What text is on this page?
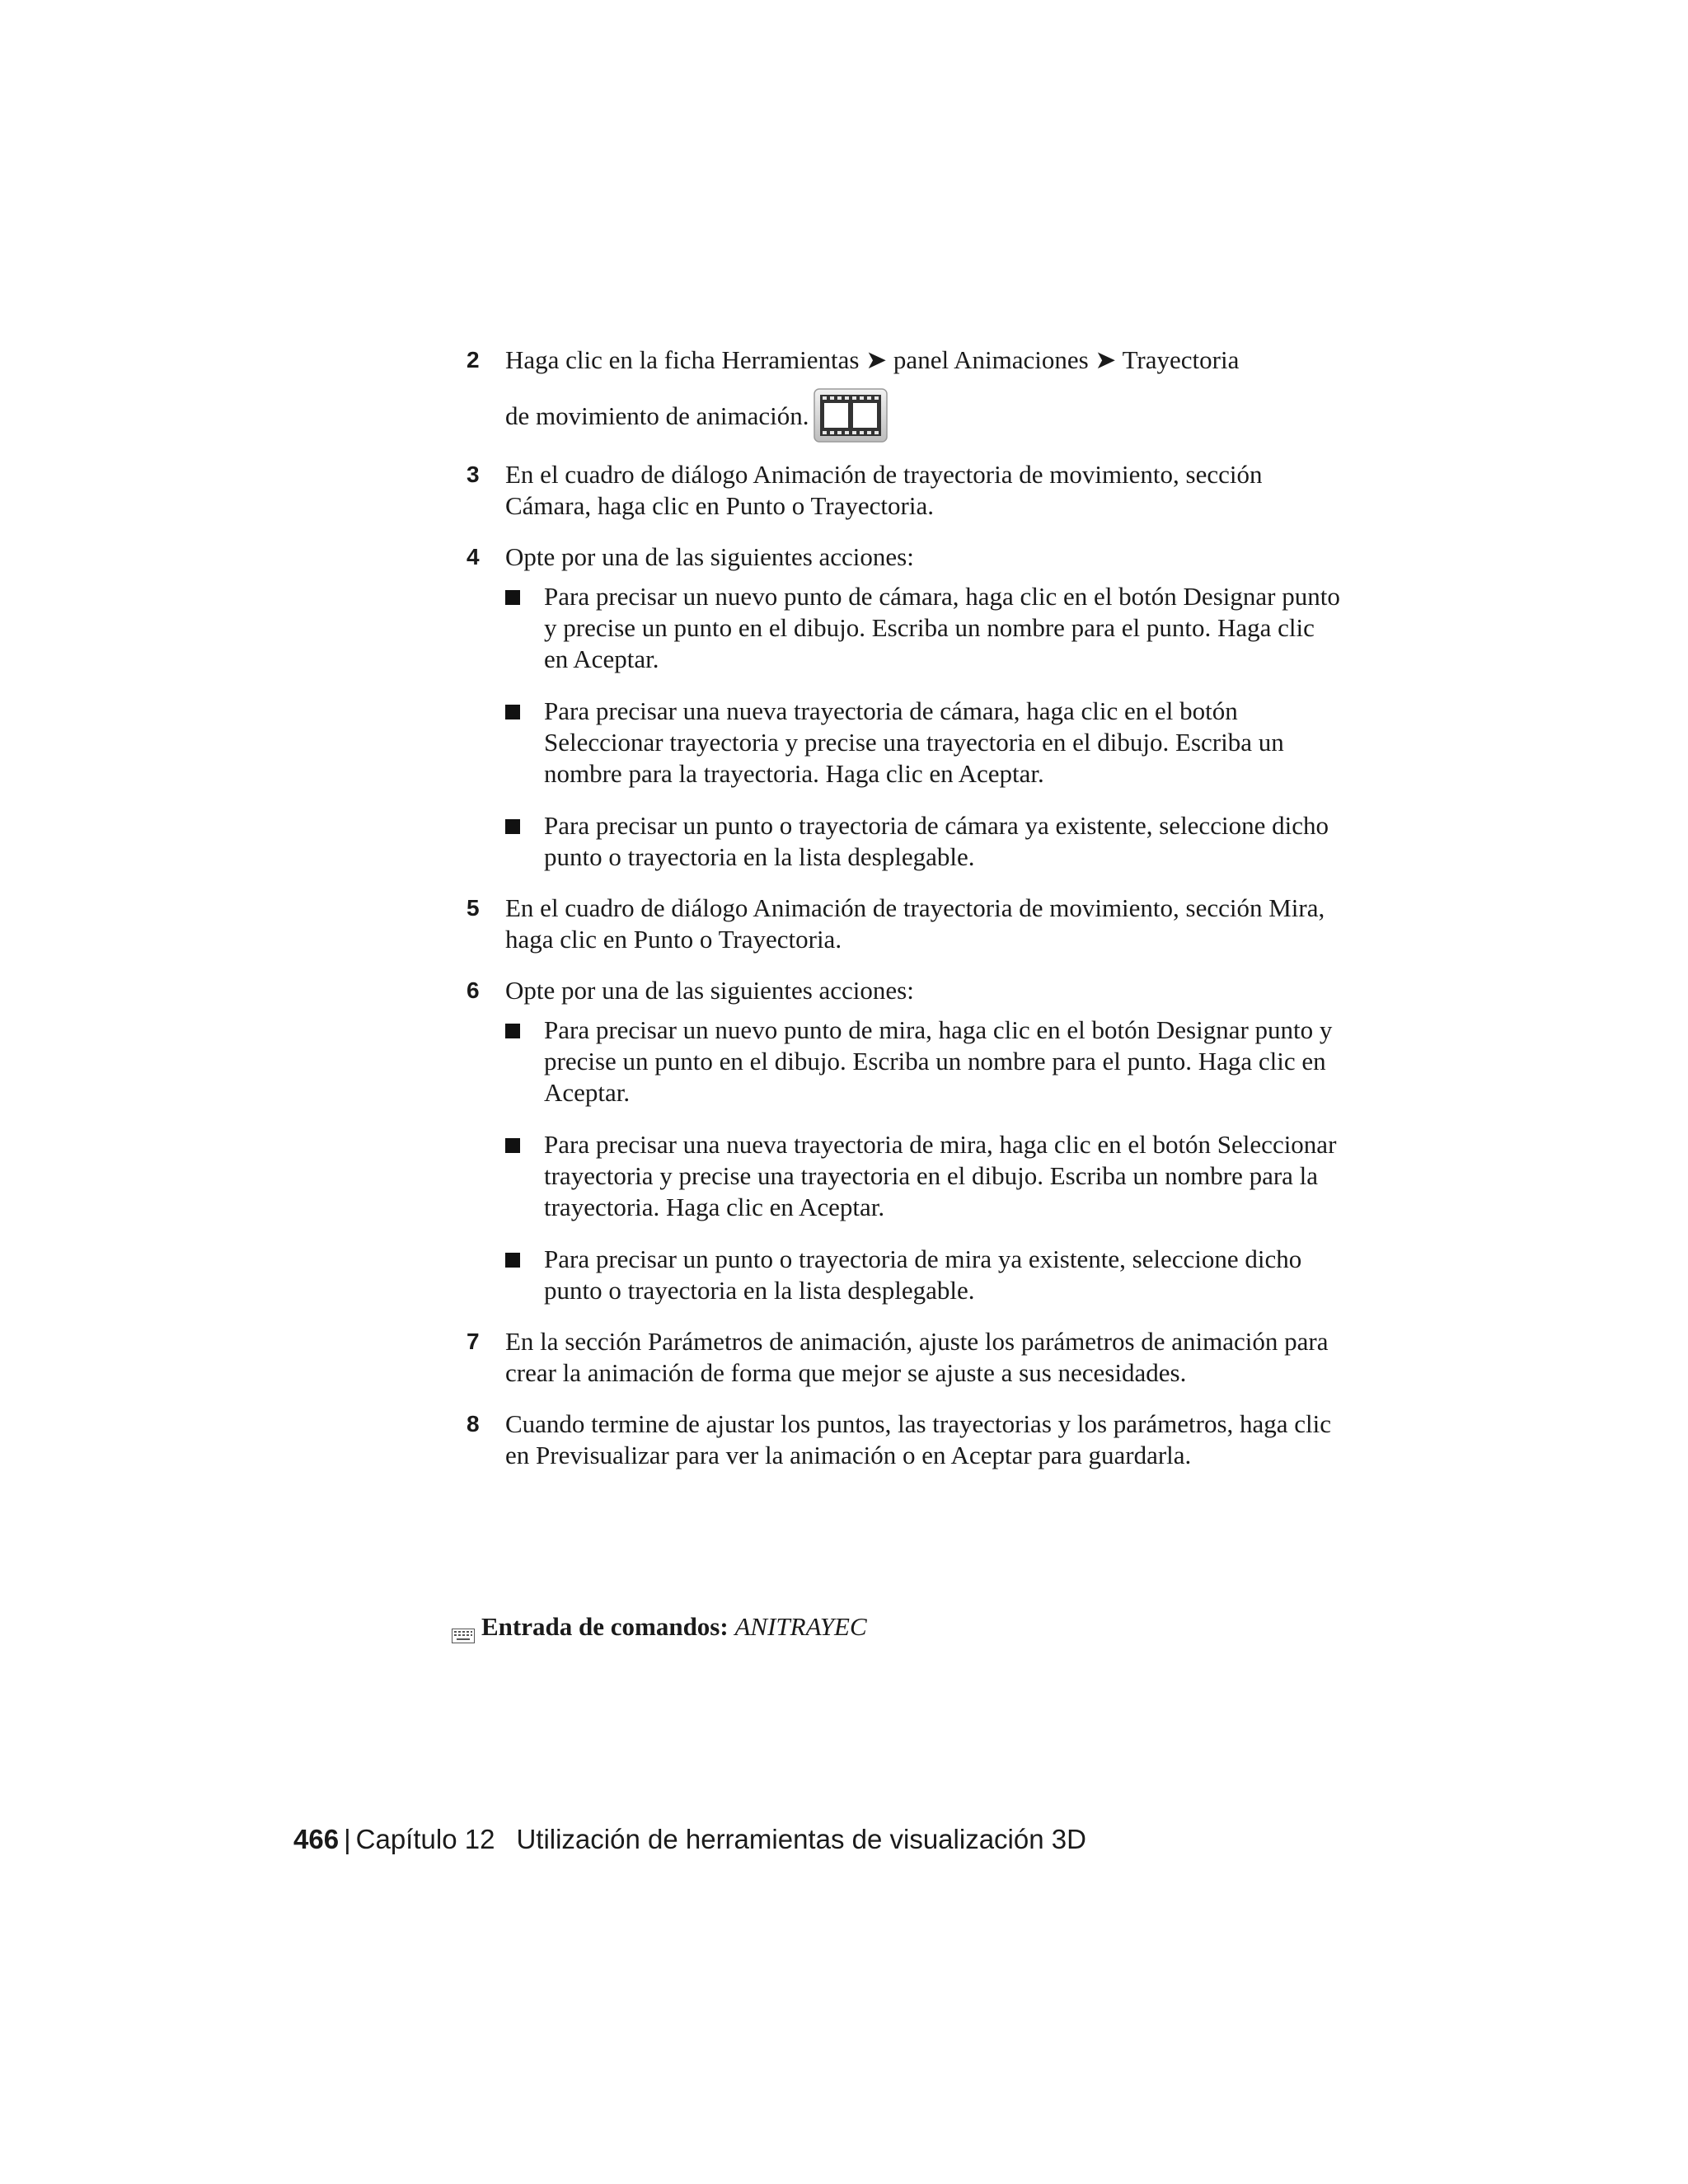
2	Haga clic en la ficha Herramientas ➤ panel Animaciones ➤ Trayectoria
de movimiento de animación.
3	En el cuadro de diálogo Animación de trayectoria de movimiento, sección Cámara, haga clic en Punto o Trayectoria.
4	Opte por una de las siguientes acciones:
Para precisar un nuevo punto de cámara, haga clic en el botón Designar punto y precise un punto en el dibujo. Escriba un nombre para el punto. Haga clic en Aceptar.
Para precisar una nueva trayectoria de cámara, haga clic en el botón Seleccionar trayectoria y precise una trayectoria en el dibujo. Escriba un nombre para la trayectoria. Haga clic en Aceptar.
Para precisar un punto o trayectoria de cámara ya existente, seleccione dicho punto o trayectoria en la lista desplegable.
5	En el cuadro de diálogo Animación de trayectoria de movimiento, sección Mira, haga clic en Punto o Trayectoria.
6	Opte por una de las siguientes acciones:
Para precisar un nuevo punto de mira, haga clic en el botón Designar punto y precise un punto en el dibujo. Escriba un nombre para el punto. Haga clic en Aceptar.
Para precisar una nueva trayectoria de mira, haga clic en el botón Seleccionar trayectoria y precise una trayectoria en el dibujo. Escriba un nombre para la trayectoria. Haga clic en Aceptar.
Para precisar un punto o trayectoria de mira ya existente, seleccione dicho punto o trayectoria en la lista desplegable.
7	En la sección Parámetros de animación, ajuste los parámetros de animación para crear la animación de forma que mejor se ajuste a sus necesidades.
8	Cuando termine de ajustar los puntos, las trayectorias y los parámetros, haga clic en Previsualizar para ver la animación o en Aceptar para guardarla.
Entrada de comandos: ANITRAYEC
466 | Capítulo 12 Utilización de herramientas de visualización 3D
